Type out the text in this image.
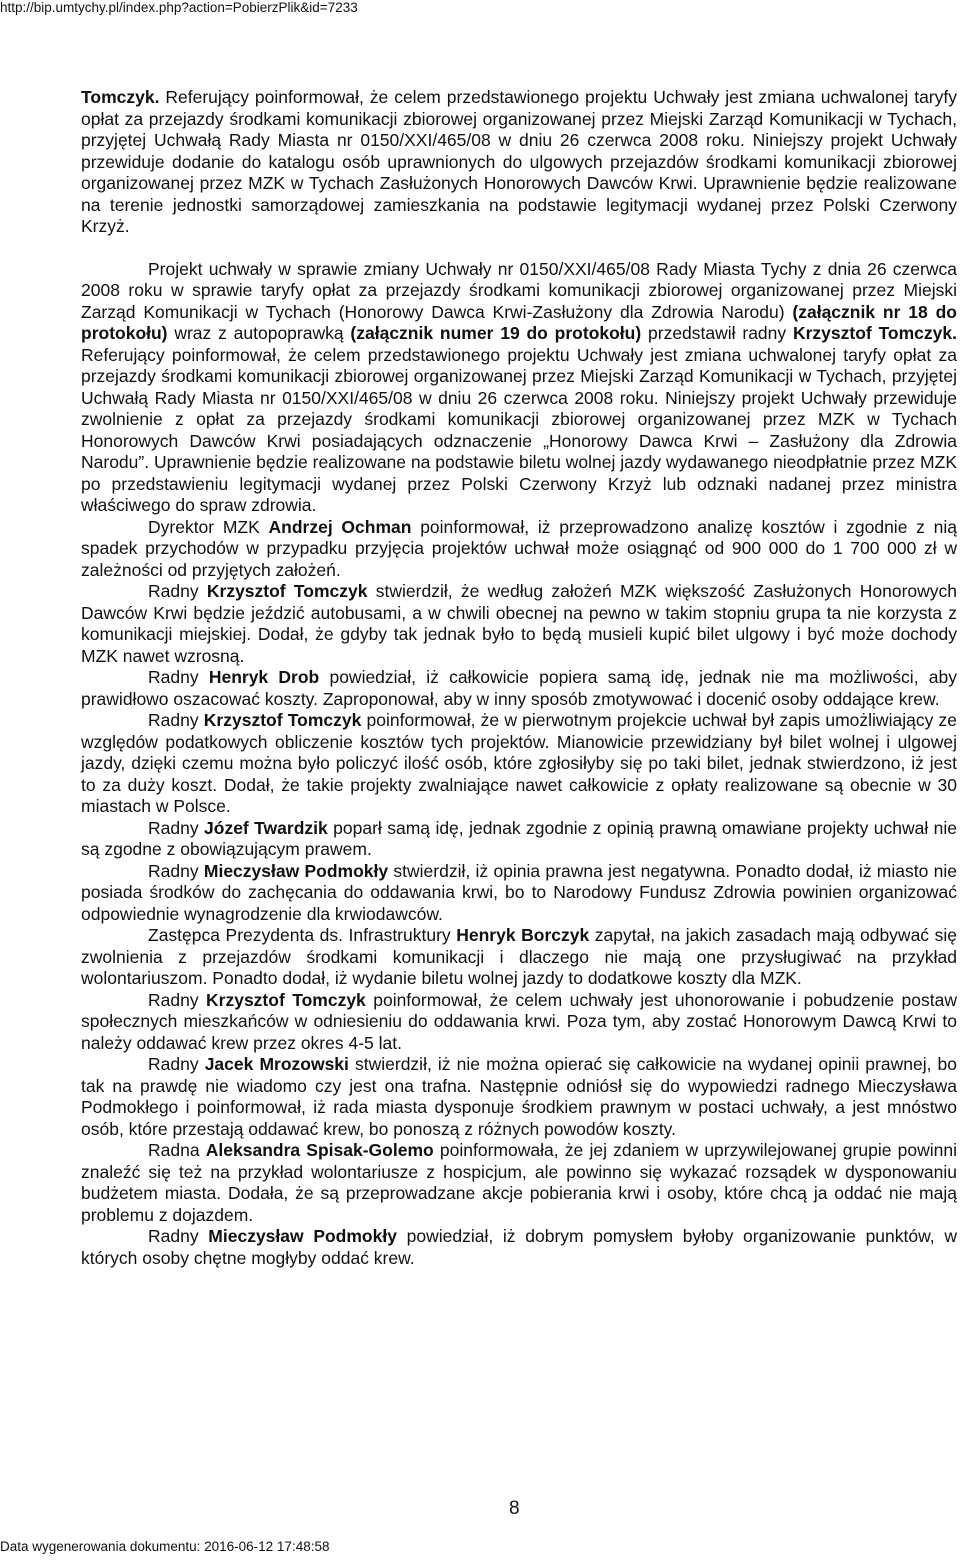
http://bip.umtychy.pl/index.php?action=PobierzPlik&id=7233

Tomczyk. Referujący poinformował, że celem przedstawionego projektu Uchwały jest zmiana uchwalonej taryfy opłat za przejazdy środkami komunikacji zbiorowej organizowanej przez Miejski Zarząd Komunikacji w Tychach, przyjętej Uchwałą Rady Miasta nr 0150/XXI/465/08 w dniu 26 czerwca 2008 roku. Niniejszy projekt Uchwały przewiduje dodanie do katalogu osób uprawnionych do ulgowych przejazdów środkami komunikacji zbiorowej organizowanej przez MZK w Tychach Zasłużonych Honorowych Dawców Krwi. Uprawnienie będzie realizowane na terenie jednostki samorządowej zamieszkania na podstawie legitymacji wydanej przez Polski Czerwony Krzyż.

Projekt uchwały w sprawie zmiany Uchwały nr 0150/XXI/465/08 Rady Miasta Tychy z dnia 26 czerwca 2008 roku w sprawie taryfy opłat za przejazdy środkami komunikacji zbiorowej organizowanej przez Miejski Zarząd Komunikacji w Tychach (Honorowy Dawca Krwi-Zasłużony dla Zdrowia Narodu) (załącznik nr 18 do protokołu) wraz z autopoprawką (załącznik numer 19 do protokołu) przedstawił radny Krzysztof Tomczyk. Referujący poinformował, że celem przedstawionego projektu Uchwały jest zmiana uchwalonej taryfy opłat za przejazdy środkami komunikacji zbiorowej organizowanej przez Miejski Zarząd Komunikacji w Tychach, przyjętej Uchwałą Rady Miasta nr 0150/XXI/465/08 w dniu 26 czerwca 2008 roku. Niniejszy projekt Uchwały przewiduje zwolnienie z opłat za przejazdy środkami komunikacji zbiorowej organizowanej przez MZK w Tychach Honorowych Dawców Krwi posiadających odznaczenie „Honorowy Dawca Krwi – Zasłużony dla Zdrowia Narodu”. Uprawnienie będzie realizowane na podstawie biletu wolnej jazdy wydawanego nieodpłatnie przez MZK po przedstawieniu legitymacji wydanej przez Polski Czerwony Krzyż lub odznaki nadanej przez ministra właściwego do spraw zdrowia.

Dyrektor MZK Andrzej Ochman poinformował, iż przeprowadzono analizę kosztów i zgodnie z nią spadek przychodów w przypadku przyjęcia projektów uchwał może osiągnąć od 900 000 do 1 700 000 zł w zależności od przyjętych założeń.

Radny Krzysztof Tomczyk stwierdził, że według założeń MZK większość Zasłużonych Honorowych Dawców Krwi będzie jeździć autobusami, a w chwili obecnej na pewno w takim stopniu grupa ta nie korzysta z komunikacji miejskiej. Dodał, że gdyby tak jednak było to będą musieli kupić bilet ulgowy i być może dochody MZK nawet wzrosną.

Radny Henryk Drob powiedział, iż całkowicie popiera samą idę, jednak nie ma możliwości, aby prawidłowo oszacować koszty. Zaproponował, aby w inny sposób zmotywować i docenić osoby oddające krew.

Radny Krzysztof Tomczyk poinformował, że w pierwotnym projekcie uchwał był zapis umożliwiający ze względów podatkowych obliczenie kosztów tych projektów. Mianowicie przewidziany był bilet wolnej i ulgowej jazdy, dzięki czemu można było policzyć ilość osób, które zgłosiłyby się po taki bilet, jednak stwierdzono, iż jest to za duży koszt. Dodał, że takie projekty zwalniające nawet całkowicie z opłaty realizowane są obecnie w 30 miastach w Polsce.

Radny Józef Twardzik poparł samą idę, jednak zgodnie z opinią prawną omawiane projekty uchwał nie są zgodne z obowiązującym prawem.

Radny Mieczysław Podmokły stwierdził, iż opinia prawna jest negatywna. Ponadto dodał, iż miasto nie posiada środków do zachęcania do oddawania krwi, bo to Narodowy Fundusz Zdrowia powinien organizować odpowiednie wynagrodzenie dla krwiodawców.

Zastępca Prezydenta ds. Infrastruktury Henryk Borczyk zapytał, na jakich zasadach mają odbywać się zwolnienia z przejazdów środkami komunikacji i dlaczego nie mają one przysługiwać na przykład wolontariuszom. Ponadto dodał, iż wydanie biletu wolnej jazdy to dodatkowe koszty dla MZK.

Radny Krzysztof Tomczyk poinformował, że celem uchwały jest uhonorowanie i pobudzenie postaw społecznych mieszkańców w odniesieniu do oddawania krwi. Poza tym, aby zostać Honorowym Dawcą Krwi to należy oddawać krew przez okres 4-5 lat.

Radny Jacek Mrozowski stwierdził, iż nie można opierać się całkowicie na wydanej opinii prawnej, bo tak na prawdę nie wiadomo czy jest ona trafna. Następnie odniósł się do wypowiedzi radnego Mieczysława Podmokłego i poinformował, iż rada miasta dysponuje środkiem prawnym w postaci uchwały, a jest mnóstwo osób, które przestają oddawać krew, bo ponoszą z różnych powodów koszty.

Radna Aleksandra Spisak-Golemo poinformowała, że jej zdaniem w uprzywilejowanej grupie powinni znaleźć się też na przykład wolontariusze z hospicjum, ale powinno się wykazać rozsądek w dysponowaniu budżetem miasta. Dodała, że są przeprowadzane akcje pobierania krwi i osoby, które chcą ja oddać nie mają problemu z dojazdem.

Radny Mieczysław Podmokły powiedział, iż dobrym pomysłem byłoby organizowanie punktów, w których osoby chętne mogłyby oddać krew.

8
Data wygenerowania dokumentu: 2016-06-12 17:48:58
